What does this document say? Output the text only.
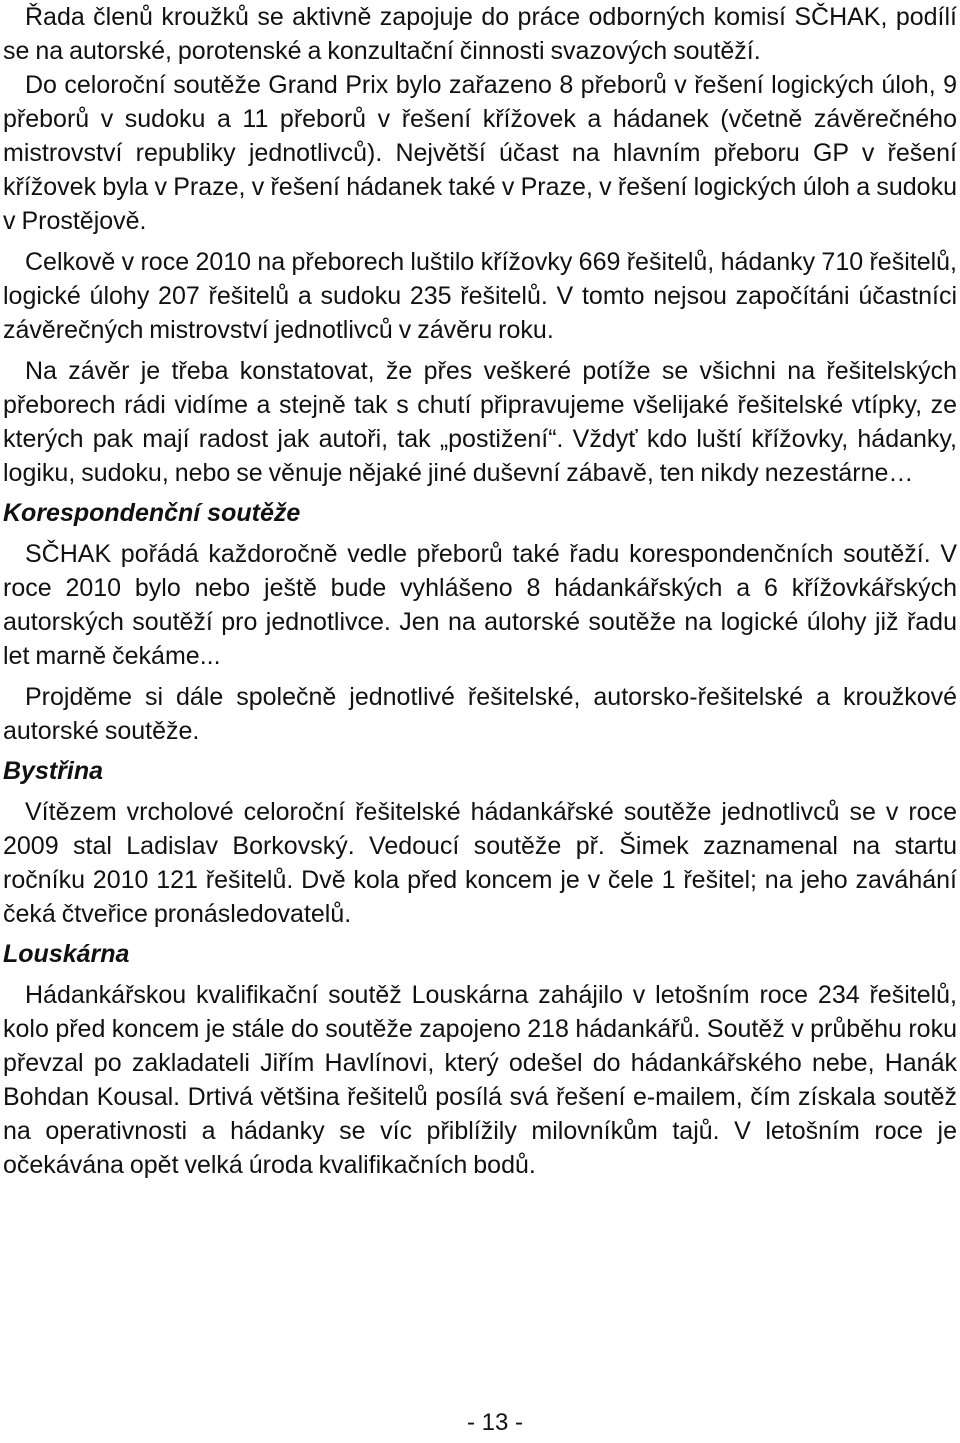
Řada členů kroužků se aktivně zapojuje do práce odborných komisí SČHAK, podílí se na autorské, porotenské a konzultační činnosti svazových soutěží.

Do celoroční soutěže Grand Prix bylo zařazeno 8 přeborů v řešení logických úloh, 9 přeborů v sudoku a 11 přeborů v řešení křížovek a hádanek (včetně závěrečného mistrovství republiky jednotlivců). Největší účast na hlavním přeboru GP v řešení křížovek byla v Praze, v řešení hádanek také v Praze, v řešení logických úloh a sudoku v Prostějově.

Celkově v roce 2010 na přeborech luštilo křížovky 669 řešitelů, hádanky 710 řešitelů, logické úlohy 207 řešitelů a sudoku 235 řešitelů. V tomto nejsou započítáni účastníci závěrečných mistrovství jednotlivců v závěru roku.

Na závěr je třeba konstatovat, že přes veškeré potíže se všichni na řešitelských přeborech rádi vidíme a stejně tak s chutí připravujeme všelijaké řešitelské vtípky, ze kterých pak mají radost jak autoři, tak „postižení“. Vždyť kdo luští křížovky, hádanky, logiku, sudoku, nebo se věnuje nějaké jiné duševní zábavě, ten nikdy nezestárne…

Korespondenční soutěže

SČHAK pořádá každoročně vedle přeborů také řadu korespondenčních soutěží. V roce 2010 bylo nebo ještě bude vyhlášeno 8 hádankářských a 6 křížovkářských autorských soutěží pro jednotlivce. Jen na autorské soutěže na logické úlohy již řadu let marně čekáme...

Projděme si dále společně jednotlivé řešitelské, autorsko-řešitelské a kroužkové autorské soutěže.

Bystřina

Vítězem vrcholové celoroční řešitelské hádankářské soutěže jednotlivců se v roce 2009 stal Ladislav Borkovský. Vedoucí soutěže př. Šimek zaznamenal na startu ročníku 2010 121 řešitelů. Dvě kola před koncem je v čele 1 řešitel; na jeho zaváhání čeká čtveřice pronásledovatelů.

Louskárna

Hádankářskou kvalifikační soutěž Louskárna zahájilo v letošním roce 234 řešitelů, kolo před koncem je stále do soutěže zapojeno 218 hádankářů. Soutěž v průběhu roku převzal po zakladateli Jiřím Havlínovi, který odešel do hádankářského nebe, Hanák Bohdan Kousal. Drtivá většina řešitelů posílá svá řešení e-mailem, čím získala soutěž na operativnosti a hádanky se víc přiblížily milovníkům tajů. V letošním roce je očekávána opět velká úroda kvalifikačních bodů.

- 13 -
